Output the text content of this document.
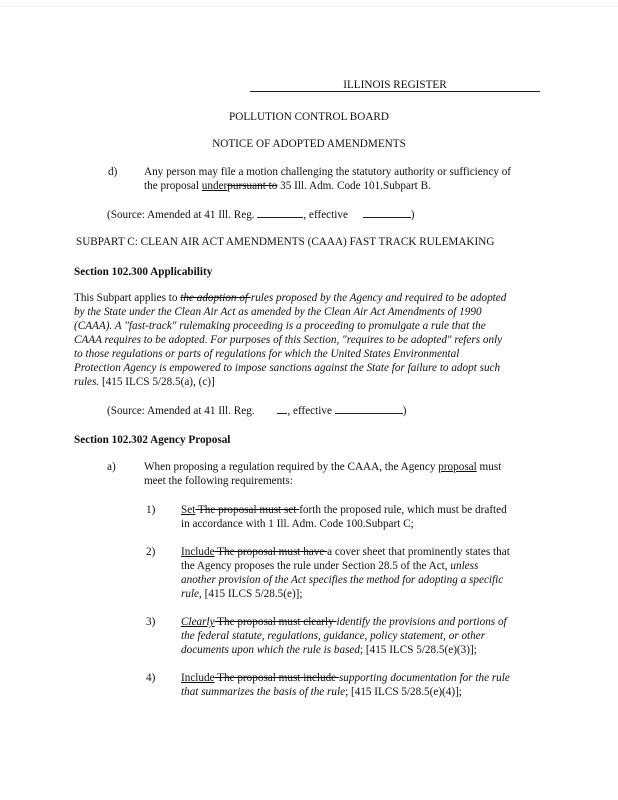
ILLINOIS REGISTER
POLLUTION CONTROL BOARD
NOTICE OF ADOPTED AMENDMENTS
d) Any person may file a motion challenging the statutory authority or sufficiency of
the proposal underpursuant to 35 Ill. Adm. Code 101.Subpart B.
(Source: Amended at 41 Ill. Reg.	, effective	)
SUBPART C: CLEAN AIR ACT AMENDMENTS (CAAA) FAST TRACK RULEMAKING
Section 102.300 Applicability
This Subpart applies to the adoption of rules proposed by the Agency and required to be adopted
by the State under the Clean Air Act as amended by the Clean Air Act Amendments of 1990
(CAAA). A "fast-track" rulemaking proceeding is a proceeding to promulgate a rule that the
CAAA requires to be adopted. For purposes of this Section, "requires to be adopted" refers only
to those regulations or parts of regulations for which the United States Environmental
Protection Agency is empowered to impose sanctions against the State for failure to adopt such
rules. [415 ILCS 5/28.5(a), (c)]
(Source: Amended at 41 Ill. Reg.	, effective	)
Section 102.302 Agency Proposal
a)	When proposing a regulation required by the CAAA, the Agency proposal must
meet the following requirements:
1) Set The proposal must set forth the proposed rule, which must be drafted
in accordance with 1 Ill. Adm. Code 100.Subpart C;
2) Include The proposal must have a cover sheet that prominently states that
the Agency proposes the rule under Section 28.5 of the Act, unless
another provision of the Act specifies the method for adopting a specific
rule, [415 ILCS 5/28.5(e)];
3) Clearly The proposal must clearly identify the provisions and portions of
the federal statute, regulations, guidance, policy statement, or other
documents upon which the rule is based; [415 ILCS 5/28.5(e)(3)];
4) Include The proposal must include supporting documentation for the rule
that summarizes the basis of the rule; [415 ILCS 5/28.5(e)(4)];
